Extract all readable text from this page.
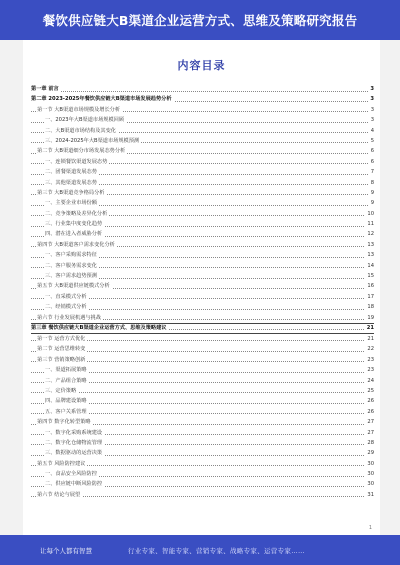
餐饮供应链大B渠道企业运营方式、思维及策略研究报告
内容目录
第一章 前言	3
第二章 2023-2025年餐饮供应链大B渠道市场发展趋势分析	3
第一节 大B渠道市场规模及增长分析	3
一、2023年大B渠道市场规模回顾	3
二、大B渠道市场结构及其变化	4
三、2024-2025年大B渠道市场规模预测	5
第二节 大B渠道细分市场发展态势分析	6
一、连锁餐饮渠道发展态势	6
二、团餐渠道发展态势	7
三、其他渠道发展态势	8
第三节 大B渠道竞争格局分析	9
一、主要企业市场份额	9
二、竞争策略及差异化分析	10
三、行业集中度变化趋势	11
四、潜在进入者威胁分析	12
第四节 大B渠道客户需求变化分析	13
一、客户采购需求特征	13
二、客户服务需求变化	14
三、客户需求趋势预测	15
第五节 大B渠道供应链模式分析	16
一、直采模式分析	17
二、经销模式分析	18
第六节 行业发展机遇与挑战	19
第三章 餐饮供应链大B渠道企业运营方式、思维及策略建议	21
第一节 运营方式优化	21
第二节 运营思维转变	22
第三节 营销策略创新	23
一、渠道拓展策略	23
二、产品组合策略	24
三、定价策略	25
四、品牌建设策略	26
五、客户关系管理	26
第四节 数字化转型策略	27
一、数字化采购系统建设	27
二、数字化仓储物流管理	28
三、数据驱动的运营决策	29
第五节 风险防控建议	30
一、食品安全风险防控	30
二、供应链中断风险防控	30
第六节 结论与展望	31
1
让每个人都有智慧	行业专家、智能专家、营销专家、战略专家、运营专家……
